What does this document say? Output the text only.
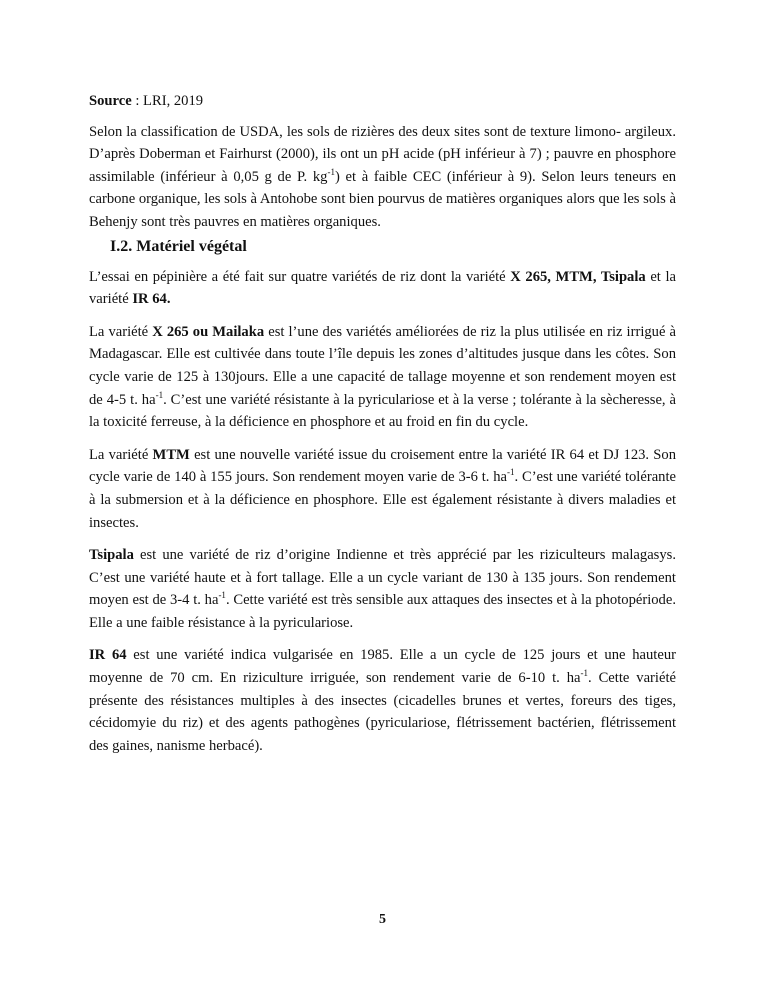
Source : LRI, 2019

Selon la classification de USDA, les sols de rizières des deux sites sont de texture limono- argileux. D’après Doberman et Fairhurst (2000), ils ont un pH acide (pH inférieur à 7) ; pauvre en phosphore assimilable (inférieur à 0,05 g de P. $kg^{-1}$) et à faible CEC (inférieur à 9). Selon leurs teneurs en carbone organique, les sols à Antohobe sont bien pourvus de matières organiques alors que les sols à Behenjy sont très pauvres en matières organiques.

I.2. Matériel végétal

L’essai en pépinière a été fait sur quatre variétés de riz dont la variété X 265, MTM, Tsipala et la variété IR 64.

La variété X 265 ou Mailaka est l’une des variétés améliorées de riz la plus utilisée en riz irrigué à Madagascar. Elle est cultivée dans toute l’île depuis les zones d’altitudes jusque dans les côtes. Son cycle varie de 125 à 130jours. Elle a une capacité de tallage moyenne et son rendement moyen est de 4-5 t. $ha^{-1}$. C’est une variété résistante à la pyriculariose et à la verse ; tolérante à la sècheresse, à la toxicité ferreuse, à la déficience en phosphore et au froid en fin du cycle.

La variété MTM est une nouvelle variété issue du croisement entre la variété IR 64 et DJ 123. Son cycle varie de 140 à 155 jours. Son rendement moyen varie de 3-6 t. $ha^{-1}$. C’est une variété tolérante à la submersion et à la déficience en phosphore. Elle est également résistante à divers maladies et insectes.

Tsipala est une variété de riz d’origine Indienne et très apprécié par les riziculteurs malagasys. C’est une variété haute et à fort tallage. Elle a un cycle variant de 130 à 135 jours. Son rendement moyen est de 3-4 t. $ha^{-1}$. Cette variété est très sensible aux attaques des insectes et à la photopériode. Elle a une faible résistance à la pyriculariose.

IR 64 est une variété indica vulgarisée en 1985. Elle a un cycle de 125 jours et une hauteur moyenne de 70 cm. En riziculture irriguée, son rendement varie de 6-10 t. $ha^{-1}$. Cette variété présente des résistances multiples à des insectes (cicadelles brunes et vertes, foreurs des tiges, cécidomyie du riz) et des agents pathogènes (pyriculariose, flétrissement bactérien, flétrissement des gaines, nanisme herbacé).

5
